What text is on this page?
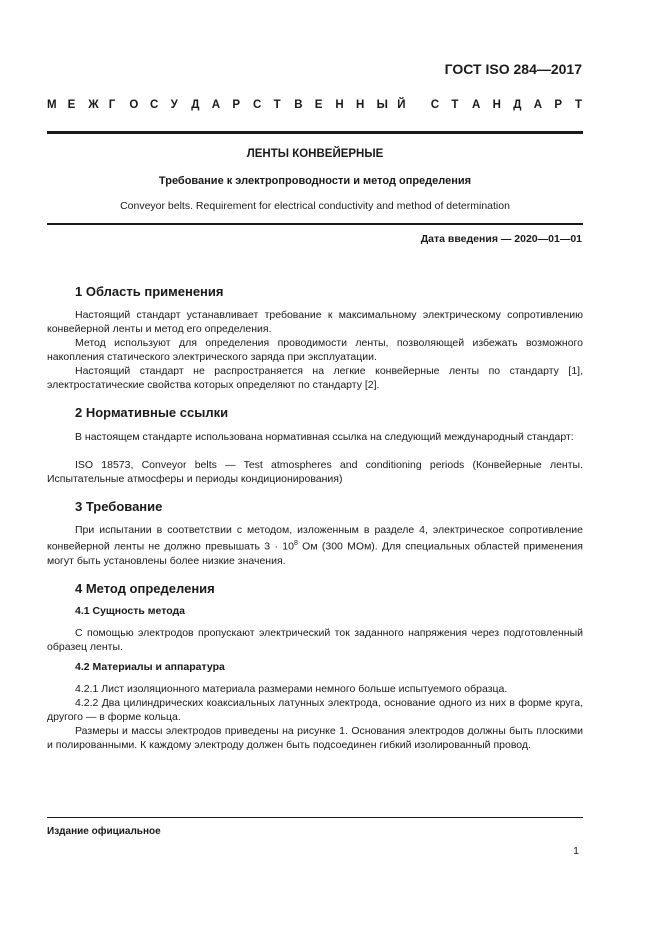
ГОСТ ISO 284—2017
М Е Ж Г О С У Д А Р С Т В Е Н Н Ы Й С Т А Н Д А Р Т
ЛЕНТЫ КОНВЕЙЕРНЫЕ
Требование к электропроводности и метод определения
Conveyor belts. Requirement for electrical conductivity and method of determination
Дата введения — 2020—01—01
1 Область применения

Настоящий стандарт устанавливает требование к максимальному электрическому сопротивлению конвейерной ленты и метод его определения.

Метод используют для определения проводимости ленты, позволяющей избежать возможного накопления статического электрического заряда при эксплуатации.

Настоящий стандарт не распространяется на легкие конвейерные ленты по стандарту [1], электростатические свойства которых определяют по стандарту [2].

2 Нормативные ссылки

В настоящем стандарте использована нормативная ссылка на следующий международный стандарт:

ISO 18573, Conveyor belts — Test atmospheres and conditioning periods (Конвейерные ленты. Испытательные атмосферы и периоды кондиционирования)

3 Требование

При испытании в соответствии с методом, изложенным в разделе 4, электрическое сопротивление конвейерной ленты не должно превышать $3 \cdot 10^8$ Ом (300 МОм). Для специальных областей применения могут быть установлены более низкие значения.

4 Метод определения
4.1 Сущность метода

С помощью электродов пропускают электрический ток заданного напряжения через подготовленный образец ленты.

4.2 Материалы и аппаратура

4.2.1 Лист изоляционного материала размерами немного больше испытуемого образца.

4.2.2 Два цилиндрических коаксиальных латунных электрода, основание одного из них в форме круга, другого — в форме кольца.

Размеры и массы электродов приведены на рисунке 1. Основания электродов должны быть плоскими и полированными. К каждому электроду должен быть подсоединен гибкий изолированный провод.

Издание официальное
1
